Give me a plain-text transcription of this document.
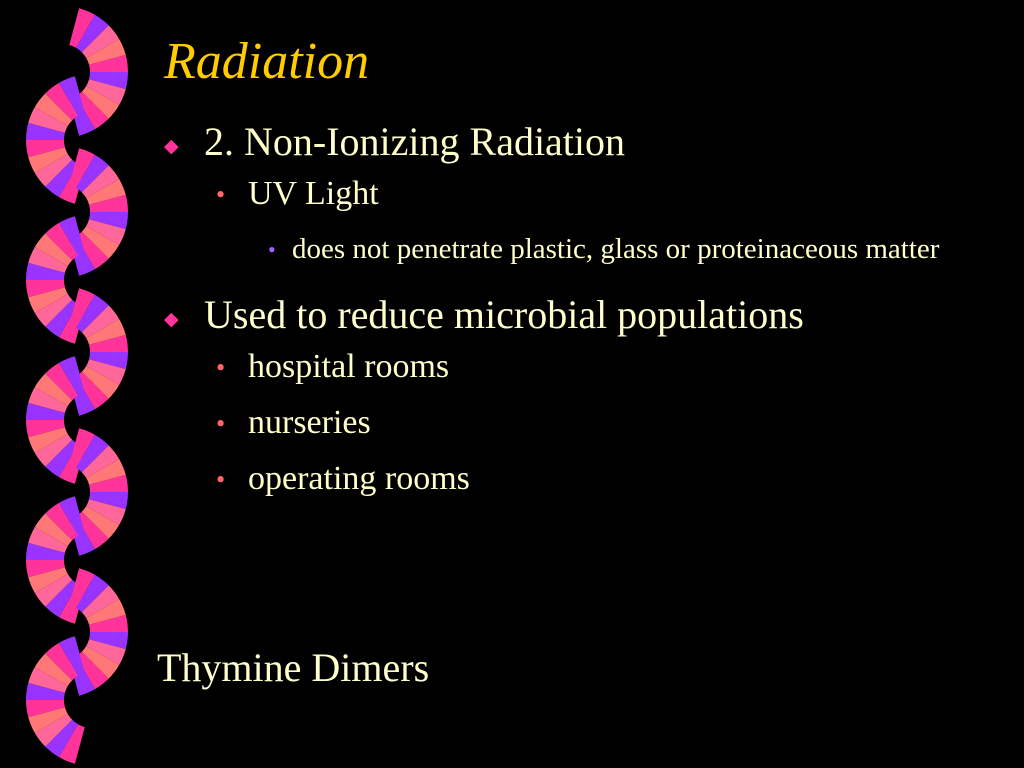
Radiation
◆ 2. Non-Ionizing Radiation
• UV Light
• does not penetrate plastic, glass or proteinaceous matter
◆ Used to reduce microbial populations
• hospital rooms
• nurseries
• operating rooms

Thymine Dimers
